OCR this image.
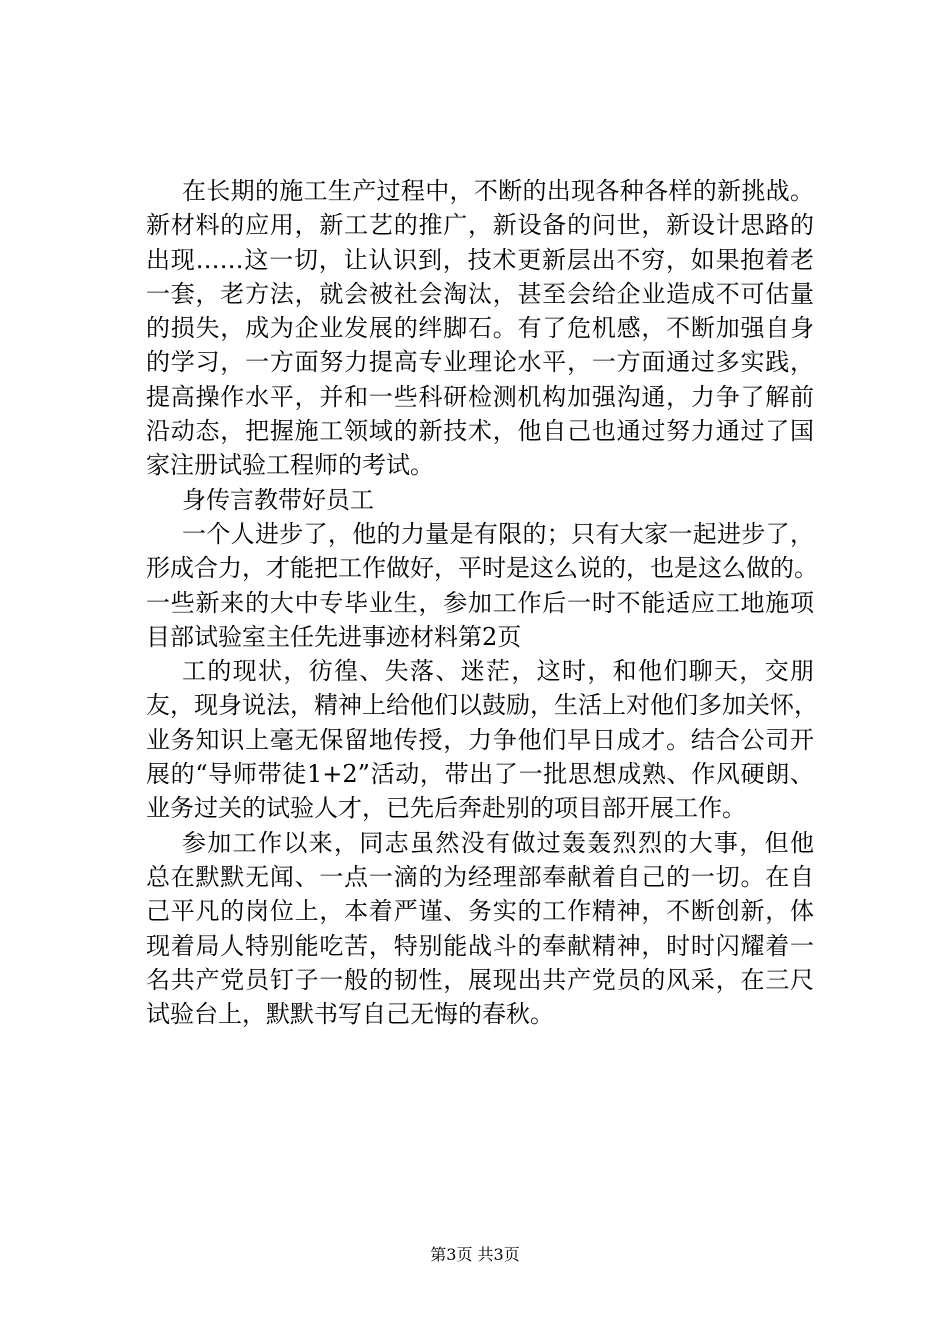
在长期的施工生产过程中，不断的出现各种各样的新挑战。
新材料的应用，新工艺的推广，新设备的问世，新设计思路的
出现……这一切，让认识到，技术更新层出不穷，如果抱着老
一套，老方法，就会被社会淘汰，甚至会给企业造成不可估量
的损失，成为企业发展的绊脚石。有了危机感，不断加强自身
的学习，一方面努力提高专业理论水平，一方面通过多实践，
提高操作水平，并和一些科研检测机构加强沟通，力争了解前
沿动态，把握施工领域的新技术，他自己也通过努力通过了国
家注册试验工程师的考试。
身传言教带好员工
一个人进步了，他的力量是有限的；只有大家一起进步了，
形成合力，才能把工作做好，平时是这么说的，也是这么做的。
一些新来的大中专毕业生，参加工作后一时不能适应工地施项
目部试验室主任先进事迹材料第2页
工的现状，彷徨、失落、迷茫，这时，和他们聊天，交朋
友，现身说法，精神上给他们以鼓励，生活上对他们多加关怀，
业务知识上毫无保留地传授，力争他们早日成才。结合公司开
展的“导师带徒1+2”活动，带出了一批思想成熟、作风硬朗、
业务过关的试验人才，已先后奔赴别的项目部开展工作。
参加工作以来，同志虽然没有做过轰轰烈烈的大事，但他
总在默默无闻、一点一滴的为经理部奉献着自己的一切。在自
己平凡的岗位上，本着严谨、务实的工作精神，不断创新，体
现着局人特别能吃苦，特别能战斗的奉献精神，时时闪耀着一
名共产党员钉子一般的韧性，展现出共产党员的风采，在三尺
试验台上，默默书写自己无悔的春秋。
第3页 共3页
